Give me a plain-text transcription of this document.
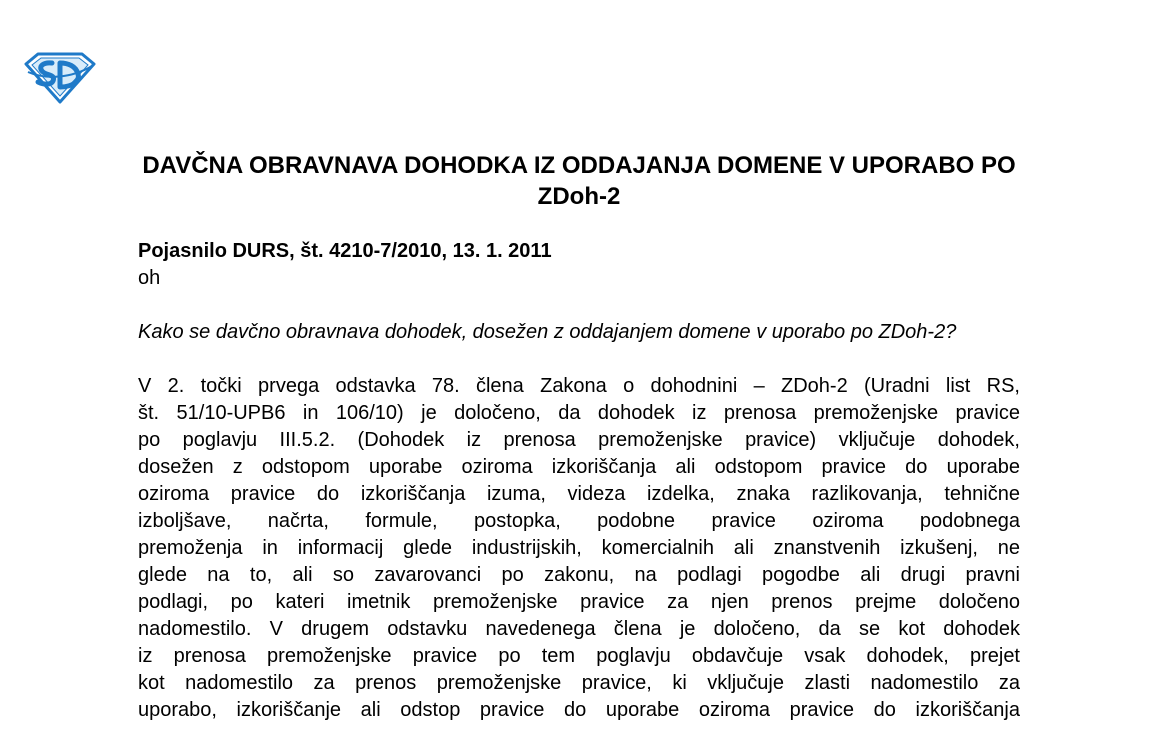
DAVČNA OBRAVNAVA DOHODKA IZ ODDAJANJA DOMENE V UPORABO PO ZDoh-2
Pojasnilo DURS, št. 4210-7/2010, 13. 1. 2011
oh
Kako se davčno obravnava dohodek, dosežen z oddajanjem domene v uporabo po ZDoh-2?
V 2. točki prvega odstavka 78. člena Zakona o dohodnini – ZDoh-2 (Uradni list RS,
št. 51/10-UPB6 in 106/10) je določeno, da dohodek iz prenosa premoženjske pravice
po poglavju III.5.2. (Dohodek iz prenosa premoženjske pravice) vključuje dohodek,
dosežen z odstopom uporabe oziroma izkoriščanja ali odstopom pravice do uporabe
oziroma pravice do izkoriščanja izuma, videza izdelka, znaka razlikovanja, tehnične
izboljšave, načrta, formule, postopka, podobne pravice oziroma podobnega
premoženja in informacij glede industrijskih, komercialnih ali znanstvenih izkušenj, ne
glede na to, ali so zavarovanci po zakonu, na podlagi pogodbe ali drugi pravni
podlagi, po kateri imetnik premoženjske pravice za njen prenos prejme določeno
nadomestilo. V drugem odstavku navedenega člena je določeno, da se kot dohodek
iz prenosa premoženjske pravice po tem poglavju obdavčuje vsak dohodek, prejet
kot nadomestilo za prenos premoženjske pravice, ki vključuje zlasti nadomestilo za
uporabo, izkoriščanje ali odstop pravice do uporabe oziroma pravice do izkoriščanja
